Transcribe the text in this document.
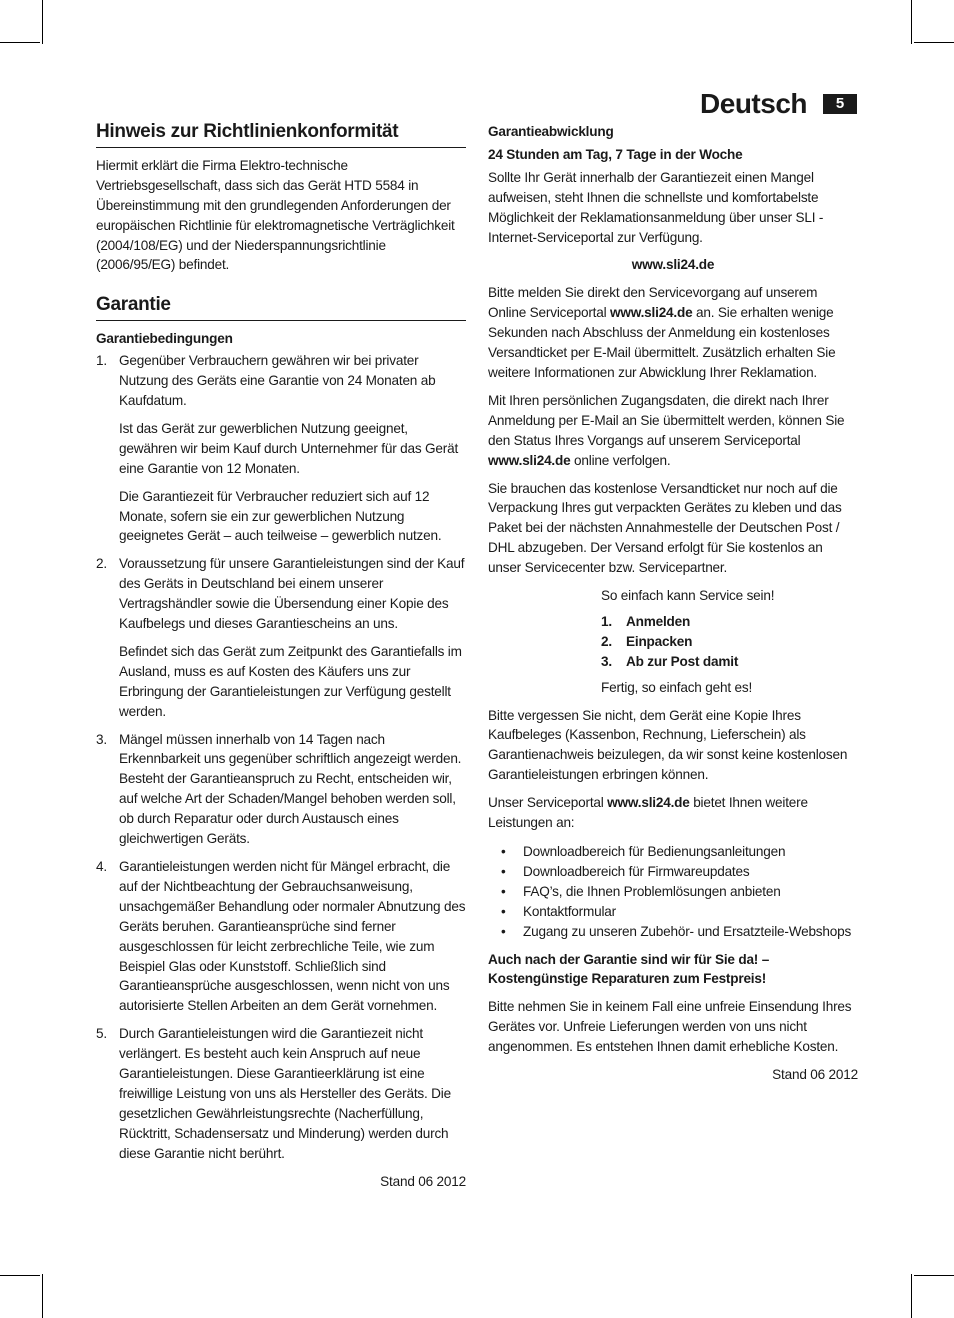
Deutsch	5
Hinweis zur Richtlinienkonformität

Hiermit erklärt die Firma Elektro-technische Vertriebsgesellschaft, dass sich das Gerät HTD 5584 in Übereinstimmung mit den grundlegenden Anforderungen der europäischen Richtlinie für elektromagnetische Verträglichkeit (2004/108/EG) und der Niederspannungsrichtlinie (2006/95/EG) befindet.

Garantie
Garantiebedingungen
1. Gegenüber Verbrauchern gewähren wir bei privater Nutzung des Geräts eine Garantie von 24 Monaten ab Kaufdatum.

Ist das Gerät zur gewerblichen Nutzung geeignet, gewähren wir beim Kauf durch Unternehmer für das Gerät eine Garantie von 12 Monaten.

Die Garantiezeit für Verbraucher reduziert sich auf 12 Monate, sofern sie ein zur gewerblichen Nutzung geeignetes Gerät – auch teilweise – gewerblich nutzen.

2. Voraussetzung für unsere Garantieleistungen sind der Kauf des Geräts in Deutschland bei einem unserer Vertragshändler sowie die Übersendung einer Kopie des Kaufbelegs und dieses Garantiescheins an uns.

Befindet sich das Gerät zum Zeitpunkt des Garantiefalls im Ausland, muss es auf Kosten des Käufers uns zur Erbringung der Garantieleistungen zur Verfügung gestellt werden.

3. Mängel müssen innerhalb von 14 Tagen nach Erkennbarkeit uns gegenüber schriftlich angezeigt werden. Besteht der Garantieanspruch zu Recht, entscheiden wir, auf welche Art der Schaden/Mangel behoben werden soll, ob durch Reparatur oder durch Austausch eines gleichwertigen Geräts.

4. Garantieleistungen werden nicht für Mängel erbracht, die auf der Nichtbeachtung der Gebrauchsanweisung, unsachgemäßer Behandlung oder normaler Abnutzung des Geräts beruhen. Garantieansprüche sind ferner ausgeschlossen für leicht zerbrechliche Teile, wie zum Beispiel Glas oder Kunststoff. Schließlich sind Garantieansprüche ausgeschlossen, wenn nicht von uns autorisierte Stellen Arbeiten an dem Gerät vornehmen.

5. Durch Garantieleistungen wird die Garantiezeit nicht verlängert. Es besteht auch kein Anspruch auf neue Garantieleistungen. Diese Garantieerklärung ist eine freiwillige Leistung von uns als Hersteller des Geräts. Die gesetzlichen Gewährleistungsrechte (Nacherfüllung, Rücktritt, Schadensersatz und Minderung) werden durch diese Garantie nicht berührt.

Stand 06 2012
Garantieabwicklung
24 Stunden am Tag, 7 Tage in der Woche

Sollte Ihr Gerät innerhalb der Garantiezeit einen Mangel aufweisen, steht Ihnen die schnellste und komfortabelste Möglichkeit der Reklamationsanmeldung über unser SLI - Internet-Serviceportal zur Verfügung.

www.sli24.de

Bitte melden Sie direkt den Servicevorgang auf unserem Online Serviceportal www.sli24.de an. Sie erhalten wenige Sekunden nach Abschluss der Anmeldung ein kostenloses Versandticket per E-Mail übermittelt. Zusätzlich erhalten Sie weitere Informationen zur Abwicklung Ihrer Reklamation.

Mit Ihren persönlichen Zugangsdaten, die direkt nach Ihrer Anmeldung per E-Mail an Sie übermittelt werden, können Sie den Status Ihres Vorgangs auf unserem Serviceportal www.sli24.de online verfolgen.

Sie brauchen das kostenlose Versandticket nur noch auf die Verpackung Ihres gut verpackten Gerätes zu kleben und das Paket bei der nächsten Annahmestelle der Deutschen Post / DHL abzugeben. Der Versand erfolgt für Sie kostenlos an unser Servicecenter bzw. Servicepartner.

So einfach kann Service sein!

1. Anmelden
2. Einpacken
3. Ab zur Post damit

Fertig, so einfach geht es!

Bitte vergessen Sie nicht, dem Gerät eine Kopie Ihres Kaufbeleges (Kassenbon, Rechnung, Lieferschein) als Garantienachweis beizulegen, da wir sonst keine kostenlosen Garantieleistungen erbringen können.

Unser Serviceportal www.sli24.de bietet Ihnen weitere Leistungen an:

• Downloadbereich für Bedienungsanleitungen
• Downloadbereich für Firmwareupdates
• FAQ’s, die Ihnen Problemlösungen anbieten
• Kontaktformular
• Zugang zu unseren Zubehör- und Ersatzteile-Webshops

Auch nach der Garantie sind wir für Sie da! – Kostengünstige Reparaturen zum Festpreis!

Bitte nehmen Sie in keinem Fall eine unfreie Einsendung Ihres Gerätes vor. Unfreie Lieferungen werden von uns nicht angenommen. Es entstehen Ihnen damit erhebliche Kosten.

Stand 06 2012
